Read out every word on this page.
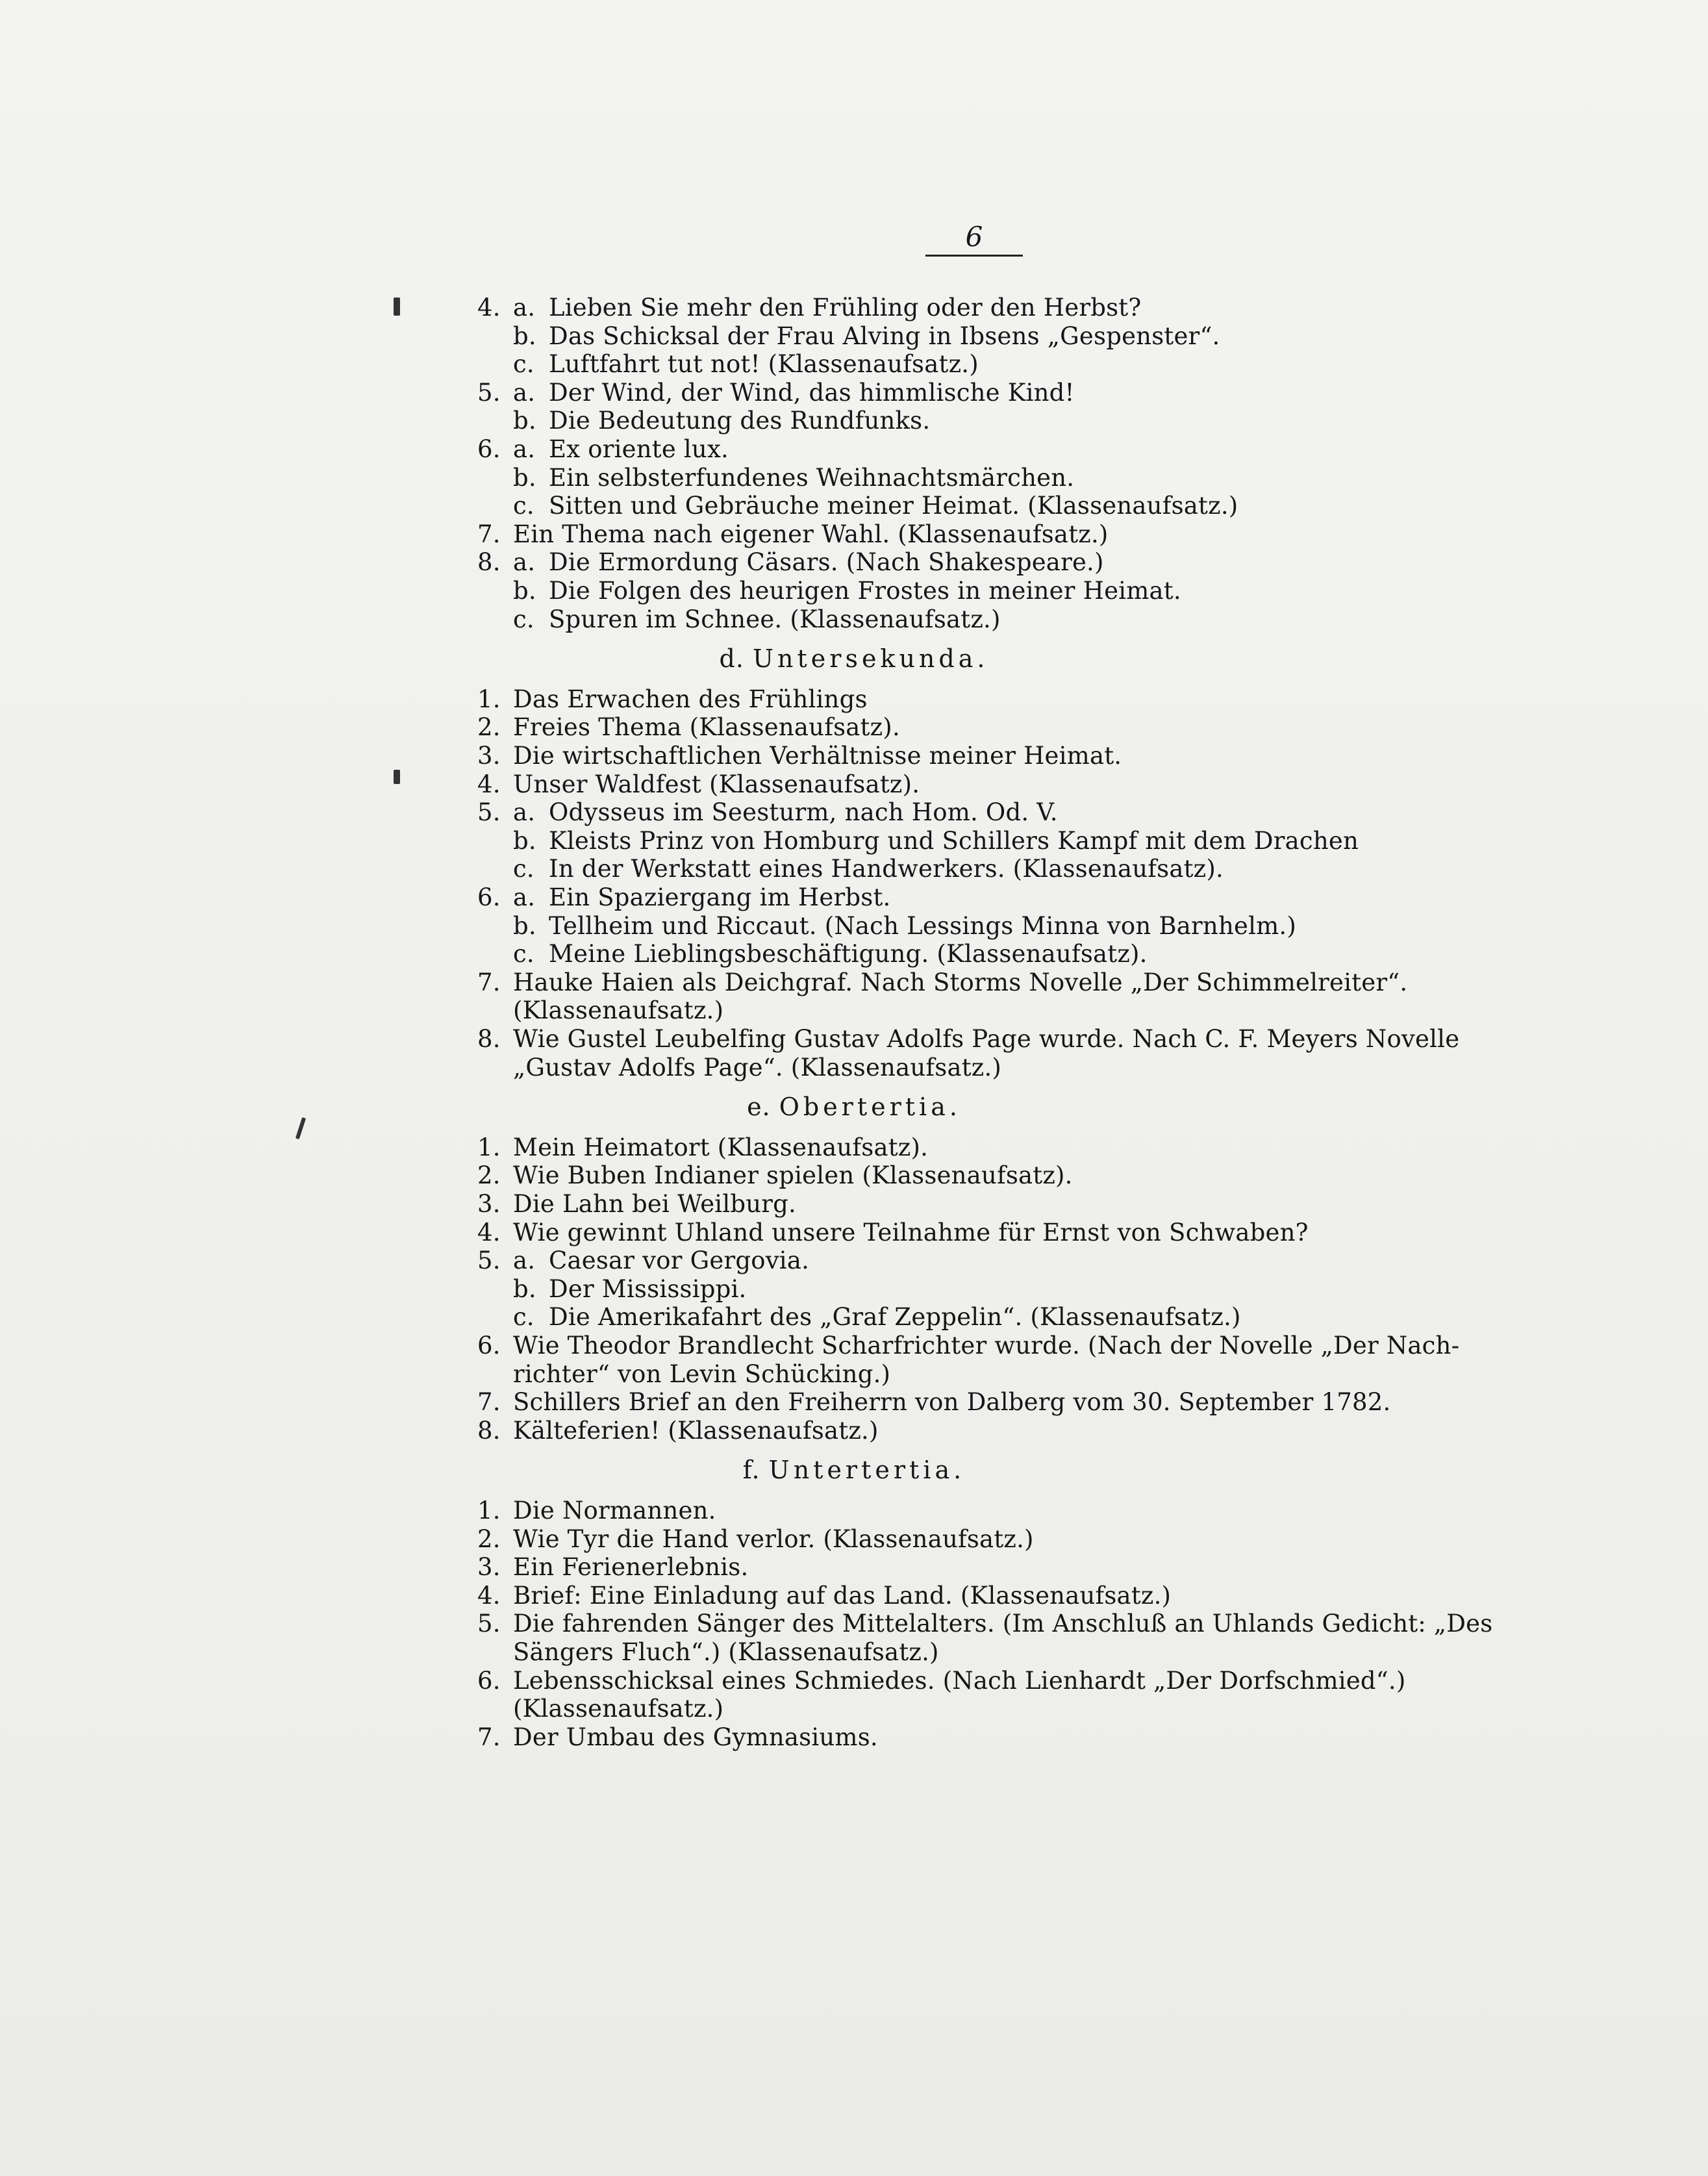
6
4. a. Lieben Sie mehr den Frühling oder den Herbst?
b. Das Schicksal der Frau Alving in Ibsens „Gespenster“.
c. Luftfahrt tut not! (Klassenaufsatz.)
5. a. Der Wind, der Wind, das himmlische Kind!
b. Die Bedeutung des Rundfunks.
6. a. Ex oriente lux.
b. Ein selbsterfundenes Weihnachtsmärchen.
c. Sitten und Gebräuche meiner Heimat. (Klassenaufsatz.)
7. Ein Thema nach eigener Wahl. (Klassenaufsatz.)
8. a. Die Ermordung Cäsars. (Nach Shakespeare.)
b. Die Folgen des heurigen Frostes in meiner Heimat.
c. Spuren im Schnee. (Klassenaufsatz.)
d. Untersekunda.
1. Das Erwachen des Frühlings
2. Freies Thema (Klassenaufsatz).
3. Die wirtschaftlichen Verhältnisse meiner Heimat.
4. Unser Waldfest (Klassenaufsatz).
5. a. Odysseus im Seesturm, nach Hom. Od. V.
b. Kleists Prinz von Homburg und Schillers Kampf mit dem Drachen
c. In der Werkstatt eines Handwerkers. (Klassenaufsatz).
6. a. Ein Spaziergang im Herbst.
b. Tellheim und Riccaut. (Nach Lessings Minna von Barnhelm.)
c. Meine Lieblingsbeschäftigung. (Klassenaufsatz).
7. Hauke Haien als Deichgraf. Nach Storms Novelle „Der Schimmelreiter“.
(Klassenaufsatz.)
8. Wie Gustel Leubelfing Gustav Adolfs Page wurde. Nach C. F. Meyers Novelle
„Gustav Adolfs Page“. (Klassenaufsatz.)
e. Obertertia.
1. Mein Heimatort (Klassenaufsatz).
2. Wie Buben Indianer spielen (Klassenaufsatz).
3. Die Lahn bei Weilburg.
4. Wie gewinnt Uhland unsere Teilnahme für Ernst von Schwaben?
5. a. Caesar vor Gergovia.
b. Der Mississippi.
c. Die Amerikafahrt des „Graf Zeppelin“. (Klassenaufsatz.)
6. Wie Theodor Brandlecht Scharfrichter wurde. (Nach der Novelle „Der Nach-
richter“ von Levin Schücking.)
7. Schillers Brief an den Freiherrn von Dalberg vom 30. September 1782.
8. Kälteferien! (Klassenaufsatz.)
f. Untertertia.
1. Die Normannen.
2. Wie Tyr die Hand verlor. (Klassenaufsatz.)
3. Ein Ferienerlebnis.
4. Brief: Eine Einladung auf das Land. (Klassenaufsatz.)
5. Die fahrenden Sänger des Mittelalters. (Im Anschluß an Uhlands Gedicht: „Des
Sängers Fluch“.) (Klassenaufsatz.)
6. Lebensschicksal eines Schmiedes. (Nach Lienhardt „Der Dorfschmied“.)
(Klassenaufsatz.)
7. Der Umbau des Gymnasiums.
